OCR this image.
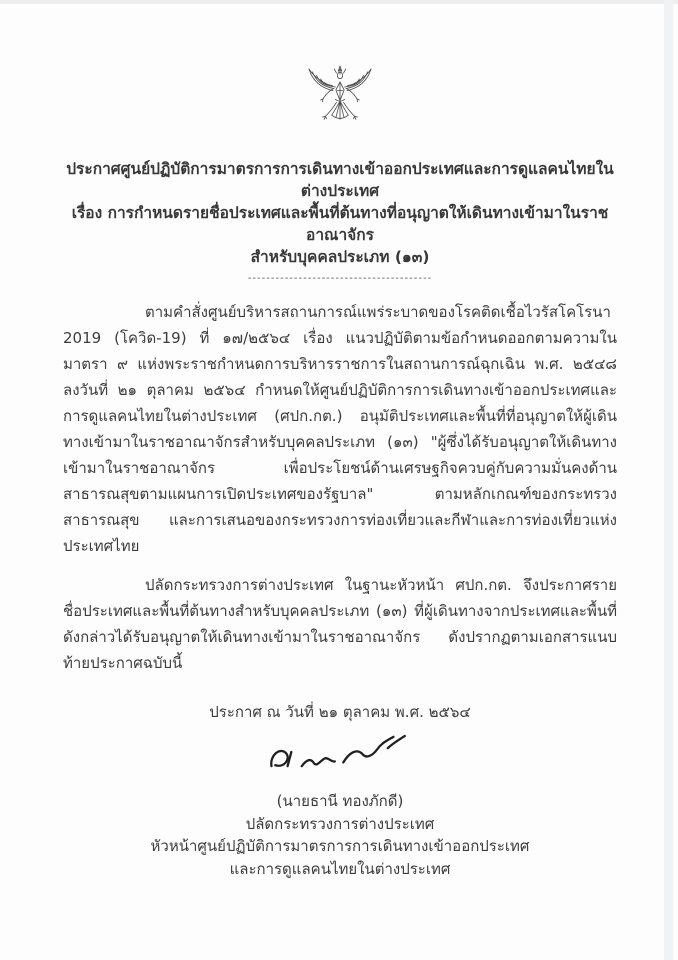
ประกาศศูนย์ปฏิบัติการมาตรการการเดินทางเข้าออกประเทศและการดูแลคนไทยในต่างประเทศ
เรื่อง การกำหนดรายชื่อประเทศและพื้นที่ต้นทางที่อนุญาตให้เดินทางเข้ามาในราชอาณาจักร
สำหรับบุคคลประเภท (๑๓)
----------------------------------------

ตามคำสั่งศูนย์บริหารสถานการณ์แพร่ระบาดของโรคติดเชื้อไวรัสโคโรนา 2019 (โควิด-19) ที่ ๑๗/๒๕๖๔ เรื่อง แนวปฏิบัติตามข้อกำหนดออกตามความในมาตรา ๙ แห่งพระราชกำหนดการบริหารราชการในสถานการณ์ฉุกเฉิน พ.ศ. ๒๕๔๘ ลงวันที่ ๒๑ ตุลาคม ๒๕๖๔ กำหนดให้ศูนย์ปฏิบัติการการเดินทางเข้าออกประเทศและการดูแลคนไทยในต่างประเทศ (ศปก.กต.) อนุมัติประเทศและพื้นที่ที่อนุญาตให้ผู้เดินทางเข้ามาในราชอาณาจักรสำหรับบุคคลประเภท (๑๓) "ผู้ซึ่งได้รับอนุญาตให้เดินทางเข้ามาในราชอาณาจักร เพื่อประโยชน์ด้านเศรษฐกิจควบคู่กับความมั่นคงด้านสาธารณสุขตามแผนการเปิดประเทศของรัฐบาล" ตามหลักเกณฑ์ของกระทรวงสาธารณสุข และการเสนอของกระทรวงการท่องเที่ยวและกีฬาและการท่องเที่ยวแห่งประเทศไทย

ปลัดกระทรวงการต่างประเทศ ในฐานะหัวหน้า ศปก.กต. จึงประกาศรายชื่อประเทศและพื้นที่ต้นทางสำหรับบุคคลประเภท (๑๓) ที่ผู้เดินทางจากประเทศและพื้นที่ดังกล่าวได้รับอนุญาตให้เดินทางเข้ามาในราชอาณาจักร ดังปรากฏตามเอกสารแนบท้ายประกาศฉบับนี้

ประกาศ ณ วันที่ ๒๑ ตุลาคม พ.ศ. ๒๕๖๔
(นายธานี ทองภักดี)
ปลัดกระทรวงการต่างประเทศ
หัวหน้าศูนย์ปฏิบัติการมาตรการการเดินทางเข้าออกประเทศ
และการดูแลคนไทยในต่างประเทศ
